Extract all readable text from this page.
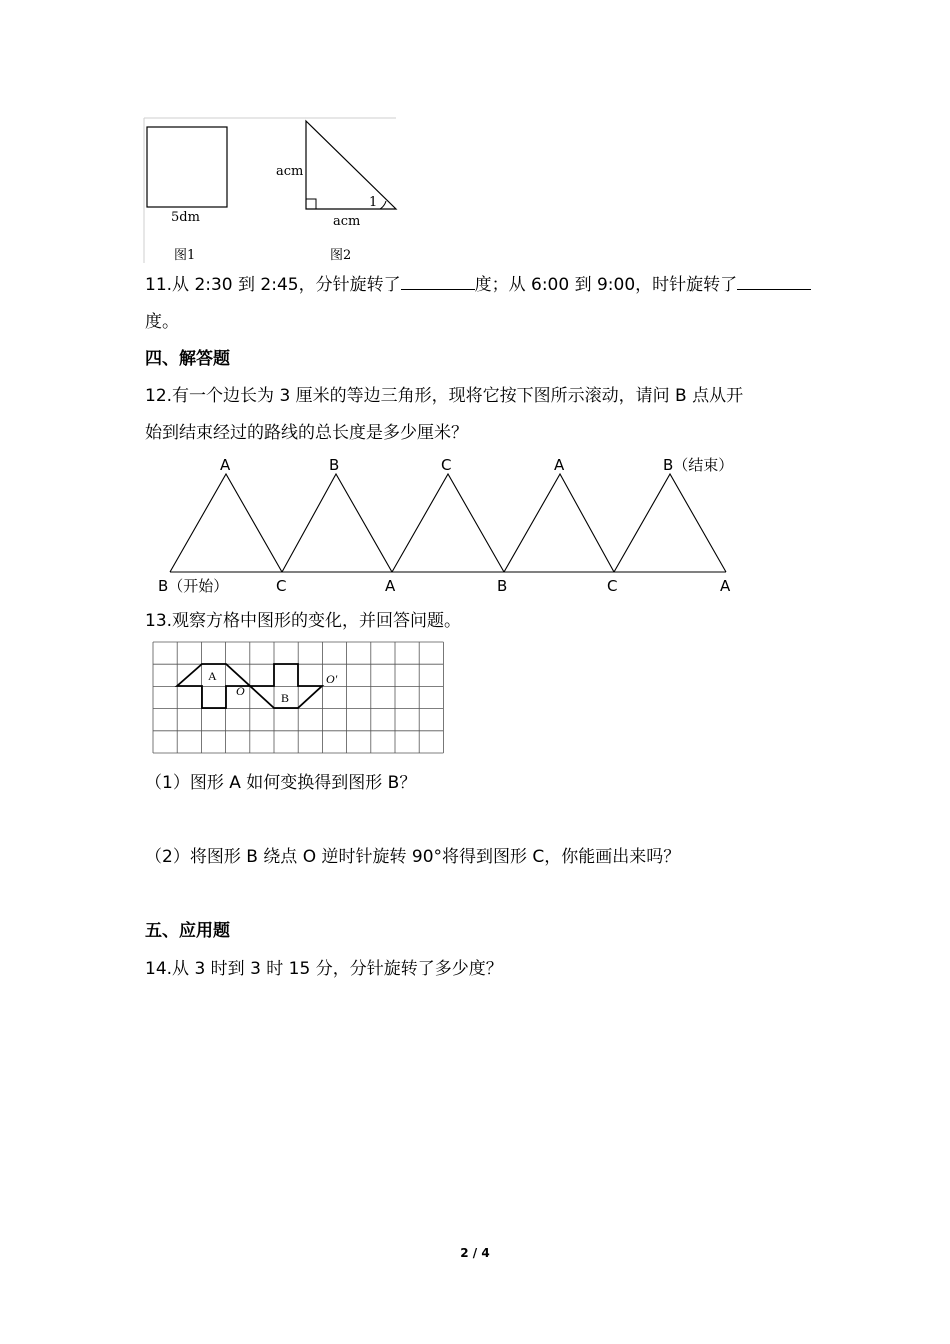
5dm
acm
acm
1
图1	图2
11.从 2:30 到 2:45，分针旋转了	度；从 6:00 到 9:00，时针旋转了
度。
四、解答题
12.有一个边长为 3 厘米的等边三角形，现将它按下图所示滚动，请问 B 点从开
始到结束经过的路线的总长度是多少厘米？
A	B	C	A	B（结束）
B（开始）	C	A	B	C	A
13.观察方格中图形的变化，并回答问题。
A
B
O
O'
（1）图形 A 如何变换得到图形 B？
（2）将图形 B 绕点 O 逆时针旋转 90°将得到图形 C，你能画出来吗？
五、应用题
14.从 3 时到 3 时 15 分，分针旋转了多少度？
2 / 4
